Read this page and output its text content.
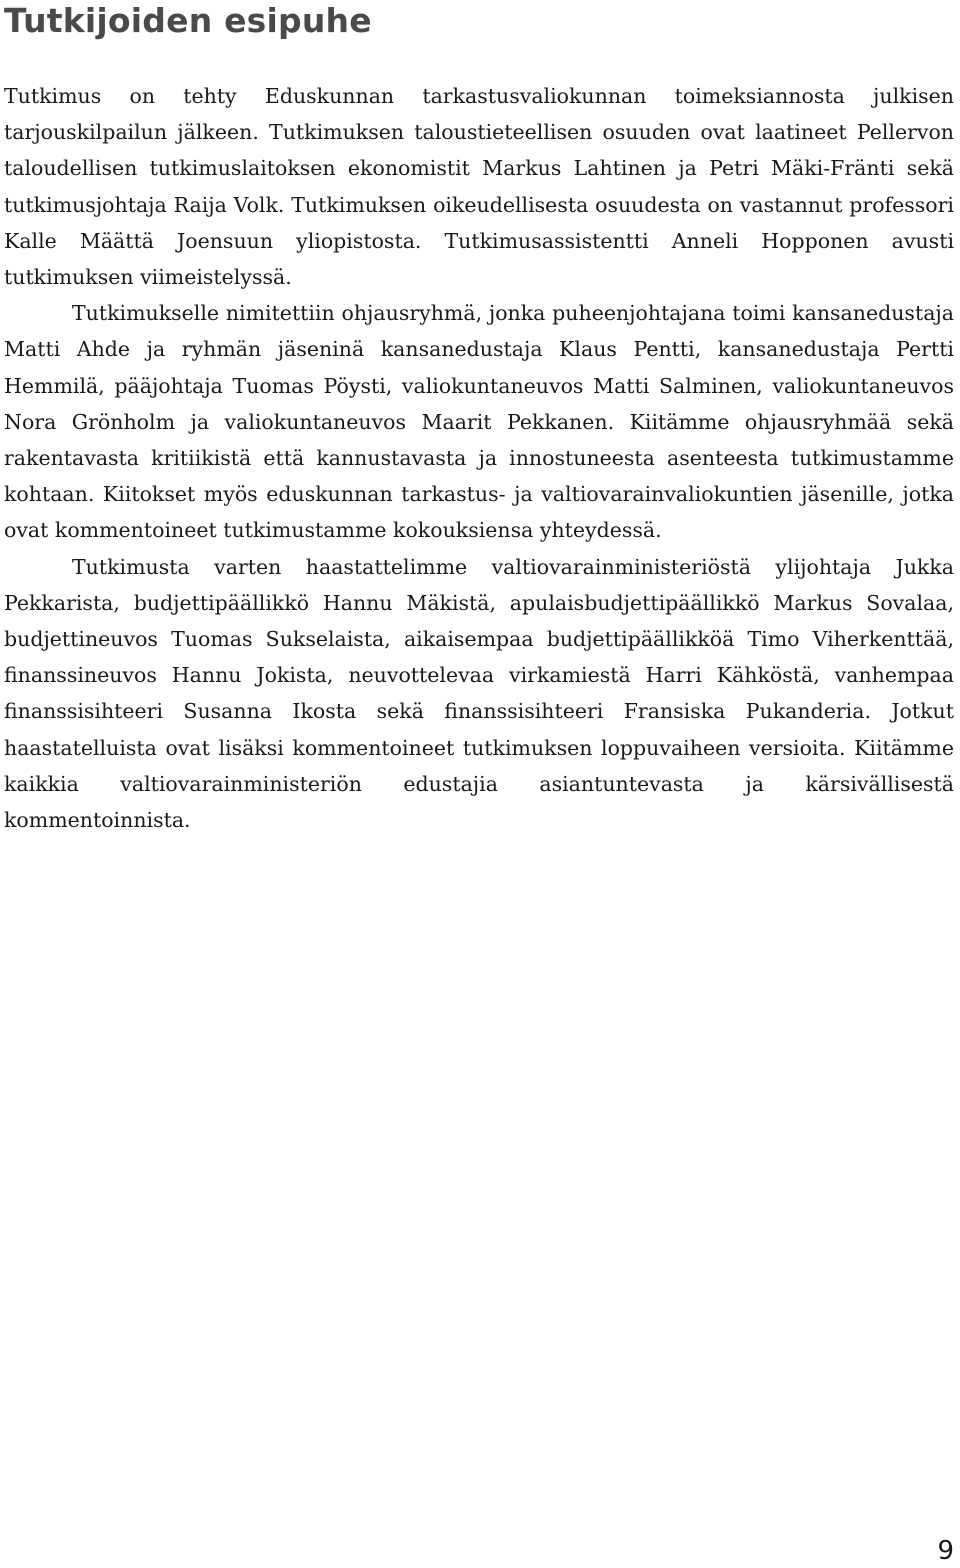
Tutkijoiden esipuhe

Tutkimus on tehty Eduskunnan tarkastusvaliokunnan toimeksiannosta julkisen tarjouskilpailun jälkeen. Tutkimuksen taloustieteellisen osuuden ovat laatineet Pellervon taloudellisen tutkimuslaitoksen ekonomistit Markus Lahtinen ja Petri Mäki-Fränti sekä tutkimusjohtaja Raija Volk. Tutkimuksen oikeudellisesta osuudesta on vastannut professori Kalle Määttä Joensuun yliopistosta. Tutkimusassistentti Anneli Hopponen avusti tutkimuksen viimeistelyssä.

Tutkimukselle nimitettiin ohjausryhmä, jonka puheenjohtajana toimi kansanedustaja Matti Ahde ja ryhmän jäseninä kansanedustaja Klaus Pentti, kansanedustaja Pertti Hemmilä, pääjohtaja Tuomas Pöysti, valiokuntaneuvos Matti Salminen, valiokuntaneuvos Nora Grönholm ja valiokuntaneuvos Maarit Pekkanen. Kiitämme ohjausryhmää sekä rakentavasta kritiikistä että kannustavasta ja innostuneesta asenteesta tutkimustamme kohtaan. Kiitokset myös eduskunnan tarkastus- ja valtiovarainvaliokuntien jäsenille, jotka ovat kommentoineet tutkimustamme kokouksiensa yhteydessä.

Tutkimusta varten haastattelimme valtiovarainministeriöstä ylijohtaja Jukka Pekkarista, budjettipäällikkö Hannu Mäkistä, apulaisbudjettipäällikkö Markus Sovalaa, budjettineuvos Tuomas Sukselaista, aikaisempaa budjettipäällikköä Timo Viherkenttää, finanssineuvos Hannu Jokista, neuvottelevaa virkamiestä Harri Kähköstä, vanhempaa finanssisihteeri Susanna Ikosta sekä finanssisihteeri Fransiska Pukanderia. Jotkut haastatelluista ovat lisäksi kommentoineet tutkimuksen loppuvaiheen versioita. Kiitämme kaikkia valtiovarainministeriön edustajia asiantuntevasta ja kärsivällisestä kommentoinnista.

9
